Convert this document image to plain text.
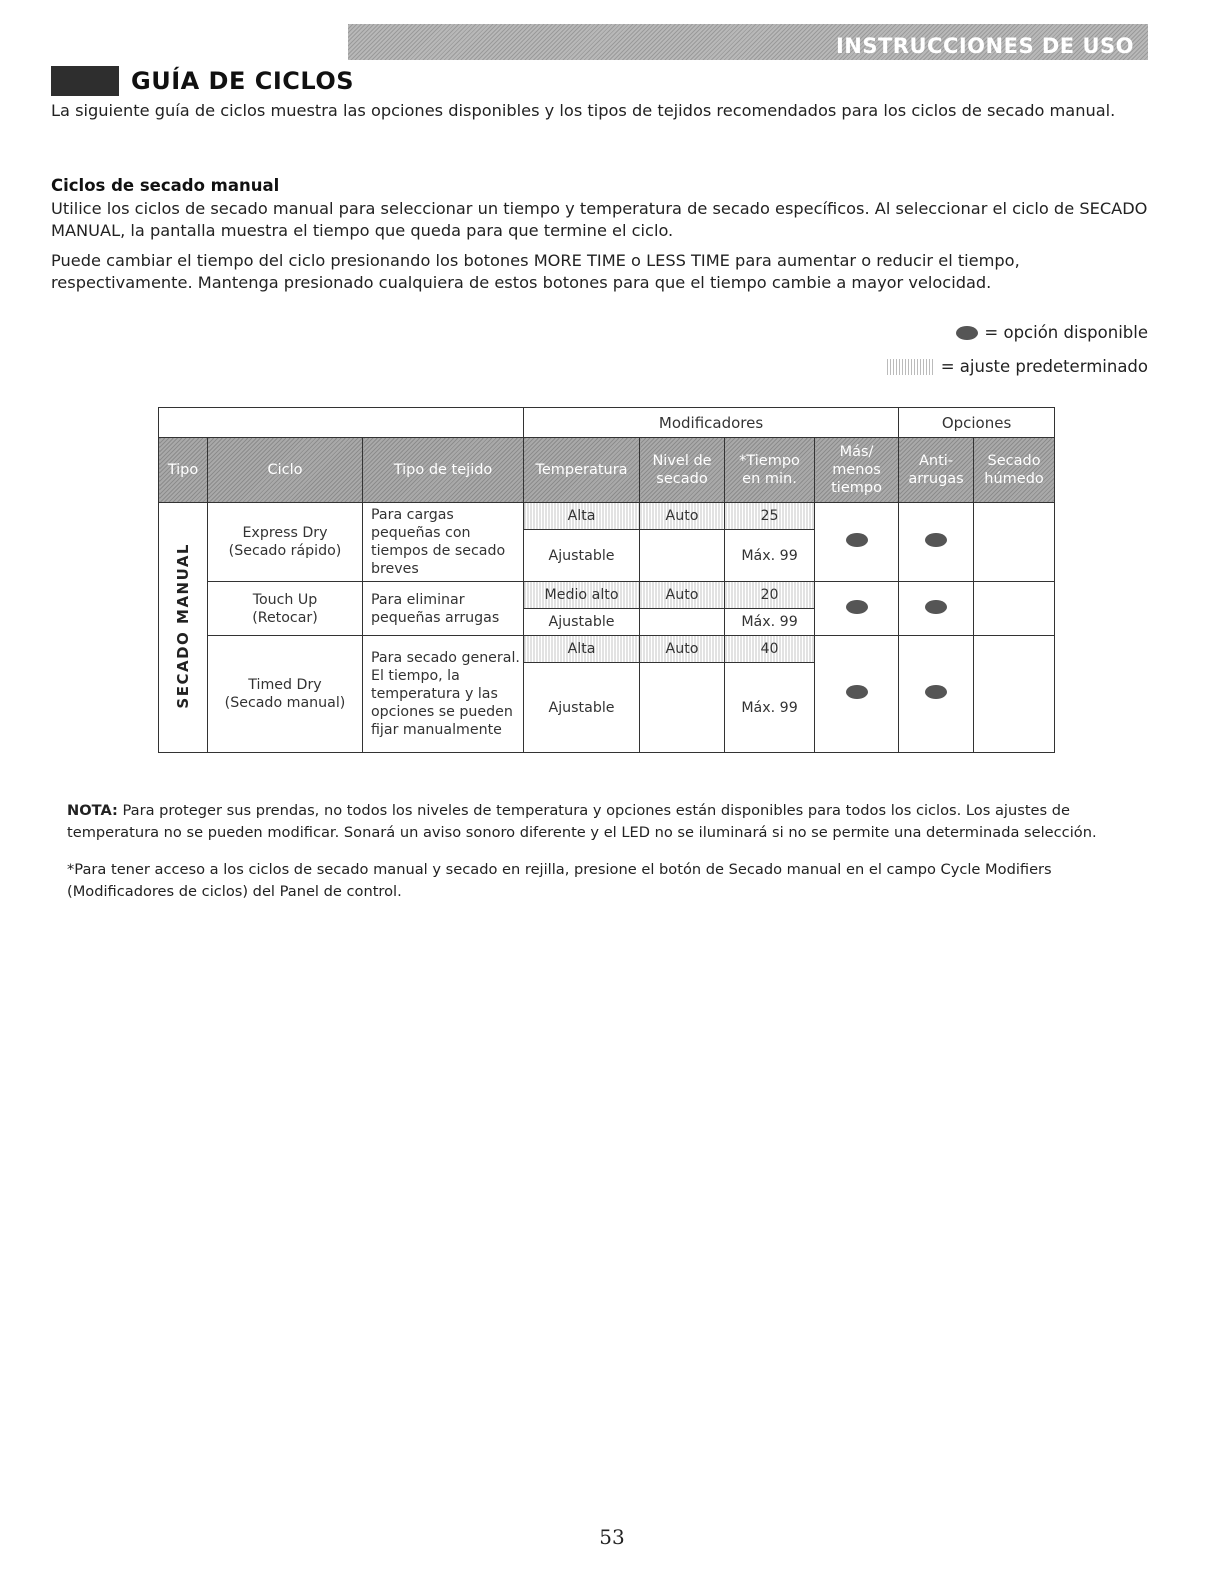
INSTRUCCIONES DE USO
GUÍA DE CICLOS

La siguiente guía de ciclos muestra las opciones disponibles y los tipos de tejidos recomendados para los ciclos de secado manual.

Ciclos de secado manual

Utilice los ciclos de secado manual para seleccionar un tiempo y temperatura de secado específicos. Al seleccionar el ciclo de SECADO MANUAL, la pantalla muestra el tiempo que queda para que termine el ciclo.

Puede cambiar el tiempo del ciclo presionando los botones MORE TIME o LESS TIME para aumentar o reducir el tiempo, respectivamente. Mantenga presionado cualquiera de estos botones para que el tiempo cambie a mayor velocidad.

= opción disponible
= ajuste predeterminado
			Modificadores				Opciones	
Tipo	Ciclo	Tipo de tejido	Temperatura	Nivel de secado	*Tiempo en min.	Más/ menos tiempo	Anti- arrugas	Secado húmedo
SECADO MANUAL	Express Dry
(Secado rápido)	Para cargas pequeñas con tiempos de secado breves	Alta	Auto	25			
			Ajustable		Máx. 99			

	Touch Up
(Retocar)	Para eliminar pequeñas arrugas	Medio alto	Auto	20			
			Ajustable		Máx. 99			

	Timed Dry
(Secado manual)	Para secado general. El tiempo, la temperatura y las opciones se pueden fijar manualmente	Alta	Auto	40			
			Ajustable		Máx. 99			

NOTA: Para proteger sus prendas, no todos los niveles de temperatura y opciones están disponibles para todos los ciclos. Los ajustes de temperatura no se pueden modificar. Sonará un aviso sonoro diferente y el LED no se iluminará si no se permite una determinada selección.

*Para tener acceso a los ciclos de secado manual y secado en rejilla, presione el botón de Secado manual en el campo Cycle Modifiers (Modificadores de ciclos) del Panel de control.

53
